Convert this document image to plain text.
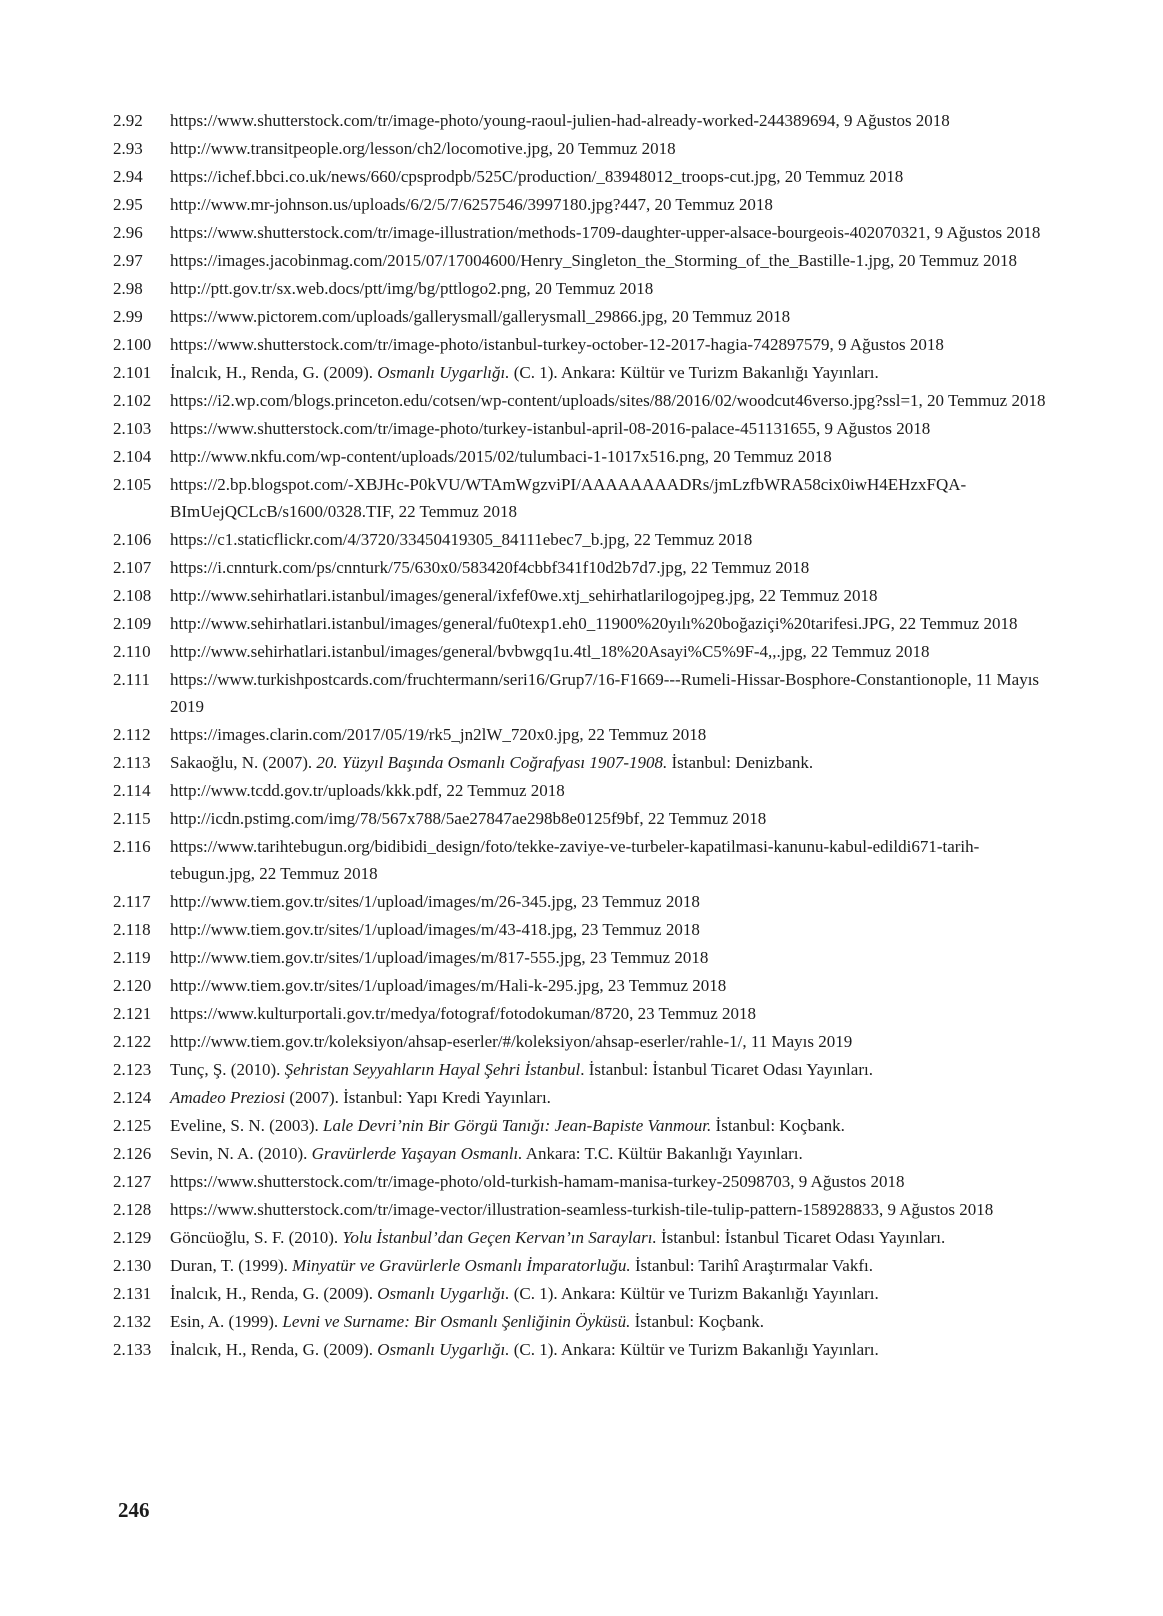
2.92	https://www.shutterstock.com/tr/image-photo/young-raoul-julien-had-already-worked-244389694, 9 Ağustos 2018
2.93	http://www.transitpeople.org/lesson/ch2/locomotive.jpg, 20 Temmuz 2018
2.94	https://ichef.bbci.co.uk/news/660/cpsprodpb/525C/production/_83948012_troops-cut.jpg, 20 Temmuz 2018
2.95	http://www.mr-johnson.us/uploads/6/2/5/7/6257546/3997180.jpg?447, 20 Temmuz 2018
2.96	https://www.shutterstock.com/tr/image-illustration/methods-1709-daughter-upper-alsace-bourgeois-402070321, 9 Ağustos 2018
2.97	https://images.jacobinmag.com/2015/07/17004600/Henry_Singleton_the_Storming_of_the_Bastille-1.jpg, 20 Temmuz 2018
2.98	http://ptt.gov.tr/sx.web.docs/ptt/img/bg/pttlogo2.png, 20 Temmuz 2018
2.99	https://www.pictorem.com/uploads/gallerysmall/gallerysmall_29866.jpg, 20 Temmuz 2018
2.100	https://www.shutterstock.com/tr/image-photo/istanbul-turkey-october-12-2017-hagia-742897579, 9 Ağustos 2018
2.101	İnalcık, H., Renda, G. (2009). Osmanlı Uygarlığı. (C. 1). Ankara: Kültür ve Turizm Bakanlığı Yayınları.
2.102	https://i2.wp.com/blogs.princeton.edu/cotsen/wp-content/uploads/sites/88/2016/02/woodcut46verso.jpg?ssl=1, 20 Temmuz 2018
2.103	https://www.shutterstock.com/tr/image-photo/turkey-istanbul-april-08-2016-palace-451131655, 9 Ağustos 2018
2.104	http://www.nkfu.com/wp-content/uploads/2015/02/tulumbaci-1-1017x516.png, 20 Temmuz 2018
2.105	https://2.bp.blogspot.com/-XBJHc-P0kVU/WTAmWgzviPI/AAAAAAAADRs/jmLzfbWRA58cix0iwH4EHzxFQA-BImUejQCLcB/s1600/0328.TIF, 22 Temmuz 2018
2.106	https://c1.staticflickr.com/4/3720/33450419305_84111ebec7_b.jpg, 22 Temmuz 2018
2.107	https://i.cnnturk.com/ps/cnnturk/75/630x0/583420f4cbbf341f10d2b7d7.jpg, 22 Temmuz 2018
2.108	http://www.sehirhatlari.istanbul/images/general/ixfef0we.xtj_sehirhatlarilogojpeg.jpg, 22 Temmuz 2018
2.109	http://www.sehirhatlari.istanbul/images/general/fu0texp1.eh0_11900%20yılı%20boğaziçi%20tarifesi.JPG, 22 Temmuz 2018
2.110	http://www.sehirhatlari.istanbul/images/general/bvbwgq1u.4tl_18%20Asayi%C5%9F-4,,.jpg, 22 Temmuz 2018
2.111	https://www.turkishpostcards.com/fruchtermann/seri16/Grup7/16-F1669---Rumeli-Hissar-Bosphore-Constantionople, 11 Mayıs 2019
2.112	https://images.clarin.com/2017/05/19/rk5_jn2lW_720x0.jpg, 22 Temmuz 2018
2.113	Sakaoğlu, N. (2007). 20. Yüzyıl Başında Osmanlı Coğrafyası 1907-1908. İstanbul: Denizbank.
2.114	http://www.tcdd.gov.tr/uploads/kkk.pdf, 22 Temmuz 2018
2.115	http://icdn.pstimg.com/img/78/567x788/5ae27847ae298b8e0125f9bf, 22 Temmuz 2018
2.116	https://www.tarihtebugun.org/bidibidi_design/foto/tekke-zaviye-ve-turbeler-kapatilmasi-kanunu-kabul-edildi671-tarihtebugun.jpg, 22 Temmuz 2018
2.117	http://www.tiem.gov.tr/sites/1/upload/images/m/26-345.jpg, 23 Temmuz 2018
2.118	http://www.tiem.gov.tr/sites/1/upload/images/m/43-418.jpg, 23 Temmuz 2018
2.119	http://www.tiem.gov.tr/sites/1/upload/images/m/817-555.jpg, 23 Temmuz 2018
2.120	http://www.tiem.gov.tr/sites/1/upload/images/m/Hali-k-295.jpg, 23 Temmuz 2018
2.121	https://www.kulturportali.gov.tr/medya/fotograf/fotodokuman/8720, 23 Temmuz 2018
2.122	http://www.tiem.gov.tr/koleksiyon/ahsap-eserler/#/koleksiyon/ahsap-eserler/rahle-1/, 11 Mayıs 2019
2.123	Tunç, Ş. (2010). Şehristan Seyyahların Hayal Şehri İstanbul. İstanbul: İstanbul Ticaret Odası Yayınları.
2.124	Amadeo Preziosi (2007). İstanbul: Yapı Kredi Yayınları.
2.125	Eveline, S. N. (2003). Lale Devri’nin Bir Görgü Tanığı: Jean-Bapiste Vanmour. İstanbul: Koçbank.
2.126	Sevin, N. A. (2010). Gravürlerde Yaşayan Osmanlı. Ankara: T.C. Kültür Bakanlığı Yayınları.
2.127	https://www.shutterstock.com/tr/image-photo/old-turkish-hamam-manisa-turkey-25098703, 9 Ağustos 2018
2.128	https://www.shutterstock.com/tr/image-vector/illustration-seamless-turkish-tile-tulip-pattern-158928833, 9 Ağustos 2018
2.129	Göncüoğlu, S. F. (2010). Yolu İstanbul’dan Geçen Kervan’ın Sarayları. İstanbul: İstanbul Ticaret Odası Yayınları.
2.130	Duran, T. (1999). Minyatür ve Gravürlerle Osmanlı İmparatorluğu. İstanbul: Tarihî Araştırmalar Vakfı.
2.131	İnalcık, H., Renda, G. (2009). Osmanlı Uygarlığı. (C. 1). Ankara: Kültür ve Turizm Bakanlığı Yayınları.
2.132	Esin, A. (1999). Levni ve Surname: Bir Osmanlı Şenliğinin Öyküsü. İstanbul: Koçbank.
2.133	İnalcık, H., Renda, G. (2009). Osmanlı Uygarlığı. (C. 1). Ankara: Kültür ve Turizm Bakanlığı Yayınları.
246
